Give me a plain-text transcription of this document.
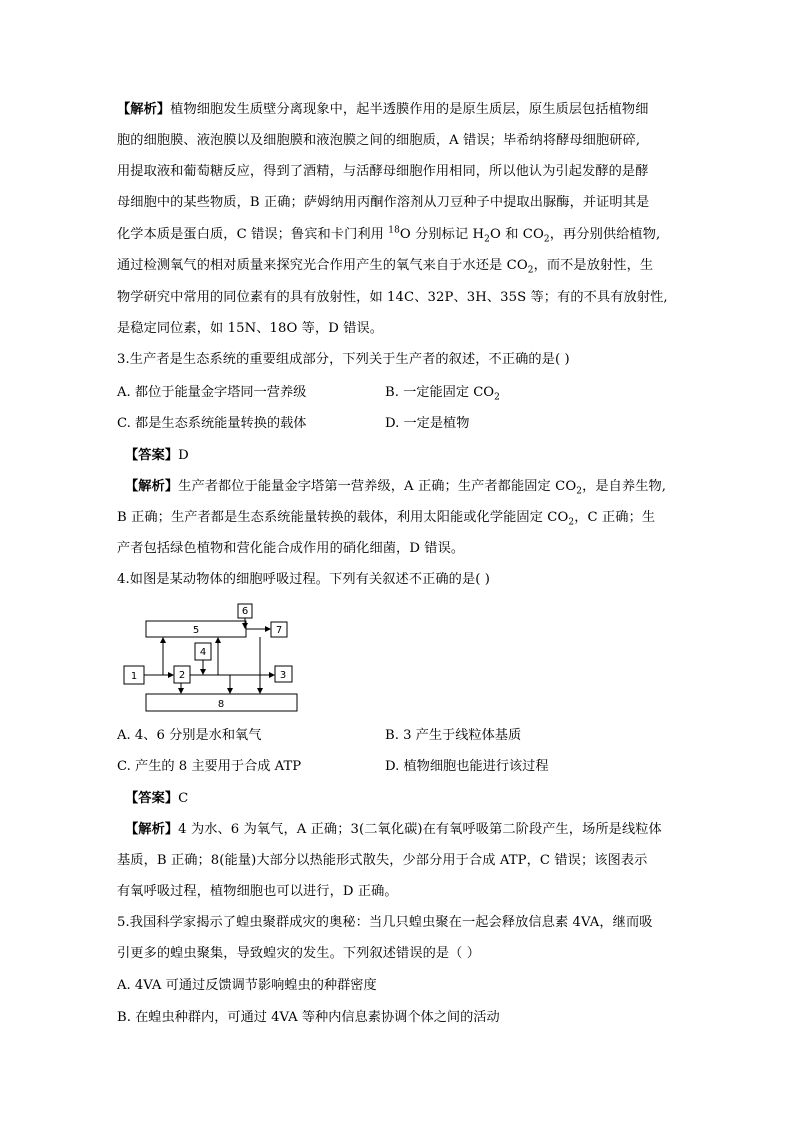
【解析】植物细胞发生质壁分离现象中，起半透膜作用的是原生质层，原生质层包括植物细
胞的细胞膜、液泡膜以及细胞膜和液泡膜之间的细胞质，A 错误；毕希纳将酵母细胞研碎,
用提取液和葡萄糖反应，得到了酒精，与活酵母细胞作用相同，所以他认为引起发酵的是酵
母细胞中的某些物质，B 正确；萨姆纳用丙酮作溶剂从刀豆种子中提取出脲酶，并证明其是
化学本质是蛋白质，C 错误；鲁宾和卡门利用 $^{18}$O 分别标记 $H_2O$ 和 $CO_2$，再分别供给植物,
通过检测氧气的相对质量来探究光合作用产生的氧气来自于水还是 $CO_2$，而不是放射性，生
物学研究中常用的同位素有的具有放射性，如 14C、32P、3H、35S 等；有的不具有放射性,
是稳定同位素，如 15N、18O 等，D 错误。
3.生产者是生态系统的重要组成部分，下列关于生产者的叙述，不正确的是( )
A. 都位于能量金字塔同一营养级	B. 一定能固定 $CO_2$
C. 都是生态系统能量转换的载体	D. 一定是植物
【答案】D
【解析】生产者都位于能量金字塔第一营养级，A 正确；生产者都能固定 $CO_2$，是自养生物,
B 正确；生产者都是生态系统能量转换的载体，利用太阳能或化学能固定 $CO_2$，C 正确；生
产者包括绿色植物和营化能合成作用的硝化细菌，D 错误。
4.如图是某动物体的细胞呼吸过程。下列有关叙述不正确的是( )
6
5	7
4
1	2	3
8
A. 4、6 分别是水和氧气	B. 3 产生于线粒体基质
C. 产生的 8 主要用于合成 ATP	D. 植物细胞也能进行该过程
【答案】C
【解析】4 为水、6 为氧气，A 正确；3(二氧化碳)在有氧呼吸第二阶段产生，场所是线粒体
基质，B 正确；8(能量)大部分以热能形式散失，少部分用于合成 ATP，C 错误；该图表示
有氧呼吸过程，植物细胞也可以进行，D 正确。
5.我国科学家揭示了蝗虫聚群成灾的奥秘：当几只蝗虫聚在一起会释放信息素 4VA，继而吸
引更多的蝗虫聚集，导致蝗灾的发生。下列叙述错误的是（ ）
A. 4VA 可通过反馈调节影响蝗虫的种群密度
B. 在蝗虫种群内，可通过 4VA 等种内信息素协调个体之间的活动
